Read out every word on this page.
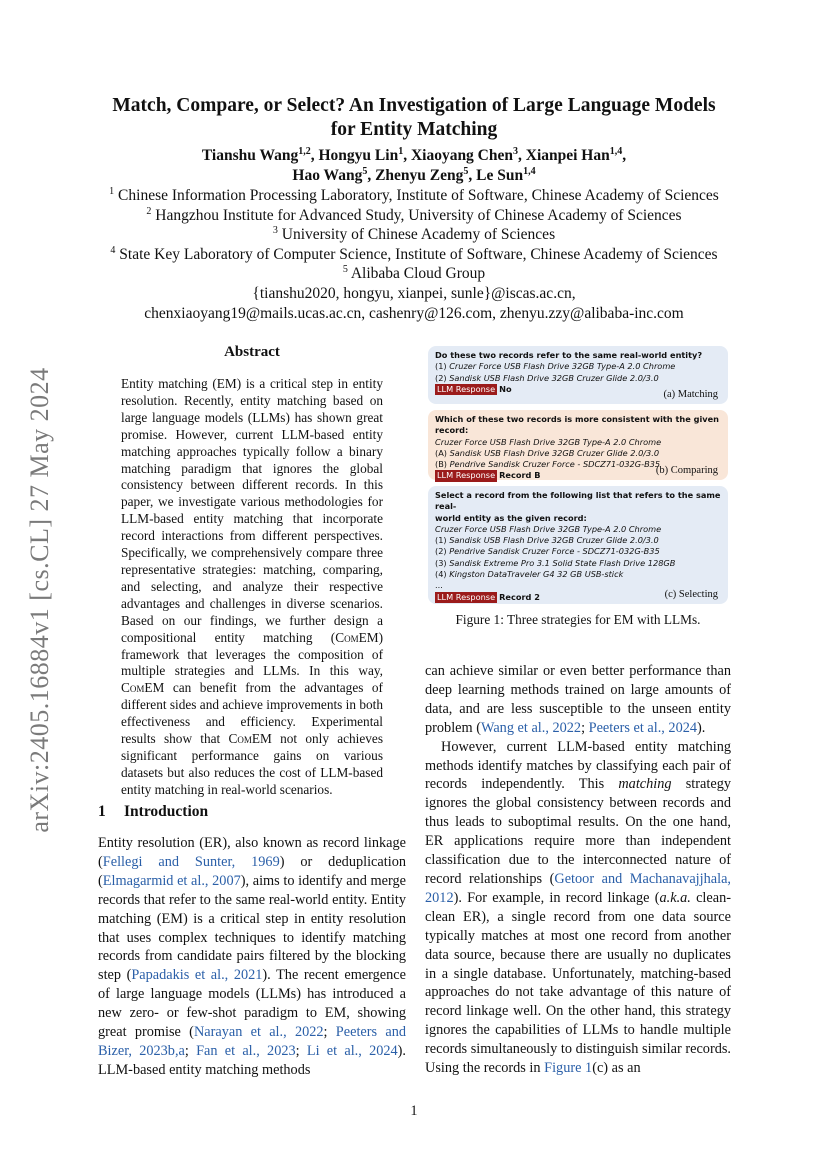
arXiv:2405.16884v1 [cs.CL] 27 May 2024
Match, Compare, or Select? An Investigation of Large Language Models
for Entity Matching
Tianshu Wang$^{1,2}$, Hongyu Lin$^1$, Xiaoyang Chen$^3$, Xianpei Han$^{1,4}$,
Hao Wang$^5$, Zhenyu Zeng$^5$, Le Sun$^{1,4}$
$^1$ Chinese Information Processing Laboratory, Institute of Software, Chinese Academy of Sciences
$^2$ Hangzhou Institute for Advanced Study, University of Chinese Academy of Sciences
$^3$ University of Chinese Academy of Sciences
$^4$ State Key Laboratory of Computer Science, Institute of Software, Chinese Academy of Sciences
$^5$ Alibaba Cloud Group
{tianshu2020, hongyu, xianpei, sunle}@iscas.ac.cn,
chenxiaoyang19@mails.ucas.ac.cn, cashenry@126.com, zhenyu.zzy@alibaba-inc.com
Abstract
Entity matching (EM) is a critical step in entity resolution. Recently, entity matching based on large language models (LLMs) has shown great promise. However, current LLM-based entity matching approaches typically follow a binary matching paradigm that ignores the global consistency between different records. In this paper, we investigate various methodologies for LLM-based entity matching that incorporate record interactions from different perspectives. Specifically, we comprehensively compare three representative strategies: matching, comparing, and selecting, and analyze their respective advantages and challenges in diverse scenarios. Based on our findings, we further design a compositional entity matching (ComEM) framework that leverages the composition of multiple strategies and LLMs. In this way, ComEM can benefit from the advantages of different sides and achieve improvements in both effectiveness and efficiency. Experimental results show that ComEM not only achieves significant performance gains on various datasets but also reduces the cost of LLM-based entity matching in real-world scenarios.
1 Introduction

Entity resolution (ER), also known as record linkage (Fellegi and Sunter, 1969) or deduplication (Elmagarmid et al., 2007), aims to identify and merge records that refer to the same real-world entity. Entity matching (EM) is a critical step in entity resolution that uses complex techniques to identify matching records from candidate pairs filtered by the blocking step (Papadakis et al., 2021). The recent emergence of large language models (LLMs) has introduced a new zero- or few-shot paradigm to EM, showing great promise (Narayan et al., 2022; Peeters and Bizer, 2023b,a; Fan et al., 2023; Li et al., 2024). LLM-based entity matching methods

Do these two records refer to the same real-world entity?
(1) Cruzer Force USB Flash Drive 32GB Type-A 2.0 Chrome
(2) Sandisk USB Flash Drive 32GB Cruzer Glide 2.0/3.0
LLM Response No	(a) Matching
Which of these two records is more consistent with the given record:
Cruzer Force USB Flash Drive 32GB Type-A 2.0 Chrome
(A) Sandisk USB Flash Drive 32GB Cruzer Glide 2.0/3.0
(B) Pendrive Sandisk Cruzer Force - SDCZ71-032G-B35
LLM Response Record B	(b) Comparing
Select a record from the following list that refers to the same real-
world entity as the given record:
Cruzer Force USB Flash Drive 32GB Type-A 2.0 Chrome
(1) Sandisk USB Flash Drive 32GB Cruzer Glide 2.0/3.0
(2) Pendrive Sandisk Cruzer Force - SDCZ71-032G-B35
(3) Sandisk Extreme Pro 3.1 Solid State Flash Drive 128GB
(4) Kingston DataTraveler G4 32 GB USB-stick
...
LLM Response Record 2	(c) Selecting
Figure 1: Three strategies for EM with LLMs.

can achieve similar or even better performance than deep learning methods trained on large amounts of data, and are less susceptible to the unseen entity problem (Wang et al., 2022; Peeters et al., 2024).

However, current LLM-based entity matching methods identify matches by classifying each pair of records independently. This matching strategy ignores the global consistency between records and thus leads to suboptimal results. On the one hand, ER applications require more than independent classification due to the interconnected nature of record relationships (Getoor and Machanavajjhala, 2012). For example, in record linkage (a.k.a. clean-clean ER), a single record from one data source typically matches at most one record from another data source, because there are usually no duplicates in a single database. Unfortunately, matching-based approaches do not take advantage of this nature of record linkage well. On the other hand, this strategy ignores the capabilities of LLMs to handle multiple records simultaneously to distinguish similar records. Using the records in Figure 1(c) as an

1
